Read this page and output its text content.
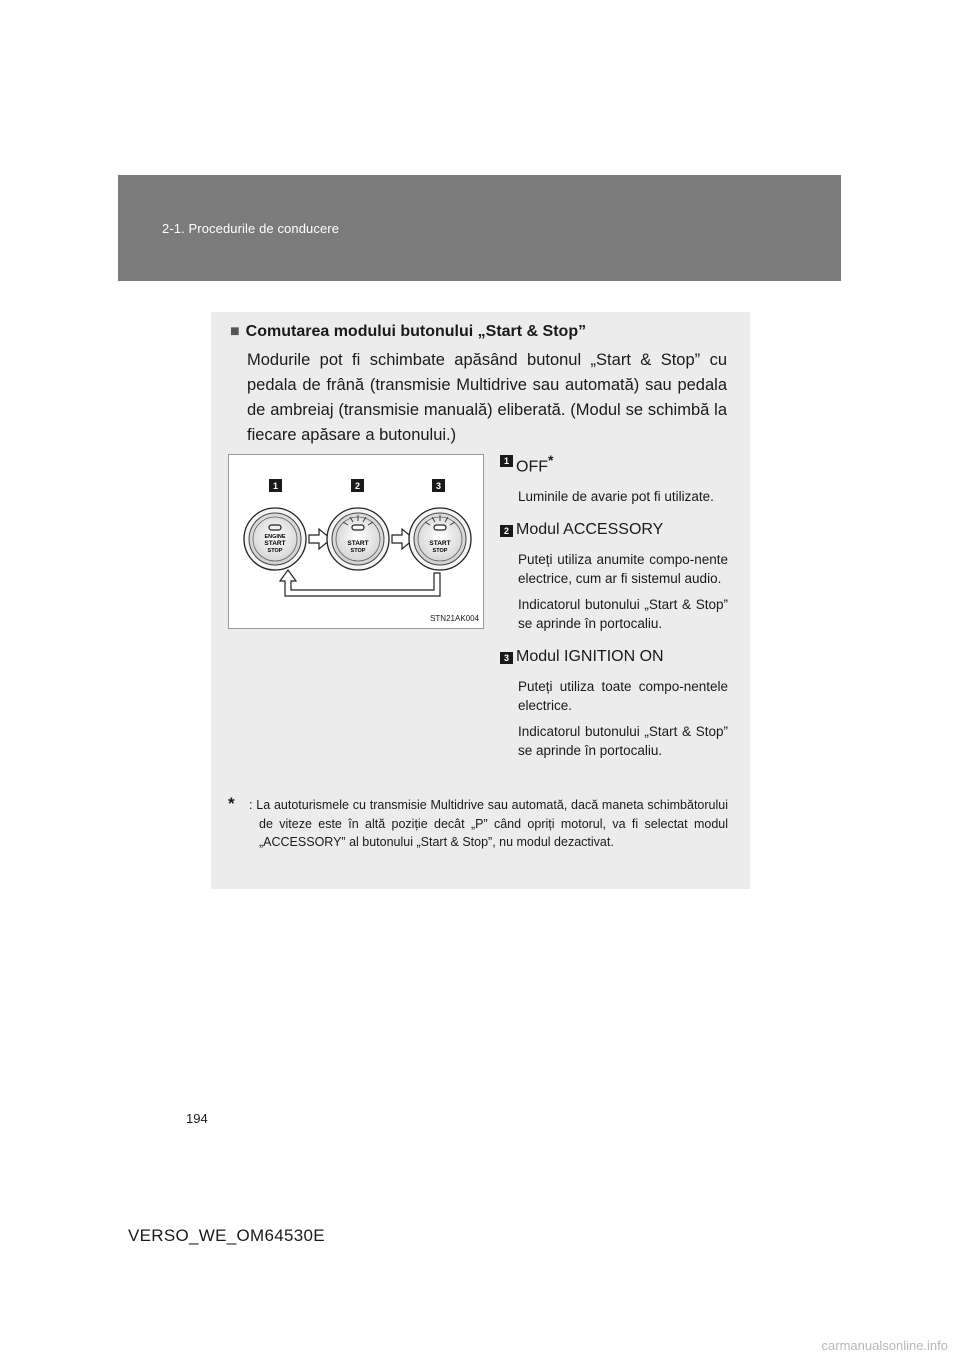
2-1. Procedurile de conducere
■ Comutarea modului butonului „Start & Stop”
Modurile pot fi schimbate apăsând butonul „Start & Stop” cu pedala de frână (transmisie Multidrive sau automată) sau pedala de ambreiaj (transmisie manuală) eliberată. (Modul se schimbă la fiecare apăsare a butonului.)
1	2	3
ENGINE
START
STOP
START
STOP
START
STOP
STN21AK004
1 OFF*
Luminile de avarie pot fi utilizate.
2 Modul ACCESSORY
Puteți utiliza anumite compo-nente electrice, cum ar fi sistemul audio.
Indicatorul butonului „Start & Stop” se aprinde în portocaliu.
3 Modul IGNITION ON
Puteți utiliza toate compo-nentele electrice.
Indicatorul butonului „Start & Stop” se aprinde în portocaliu.
*	: La autoturismele cu transmisie Multidrive sau automată, dacă maneta schimbătorului de viteze este în altă poziție decât „P” când opriți motorul, va fi selectat modul „ACCESSORY” al butonului „Start & Stop”, nu modul dezactivat.
194
VERSO_WE_OM64530E
carmanualsonline.info
